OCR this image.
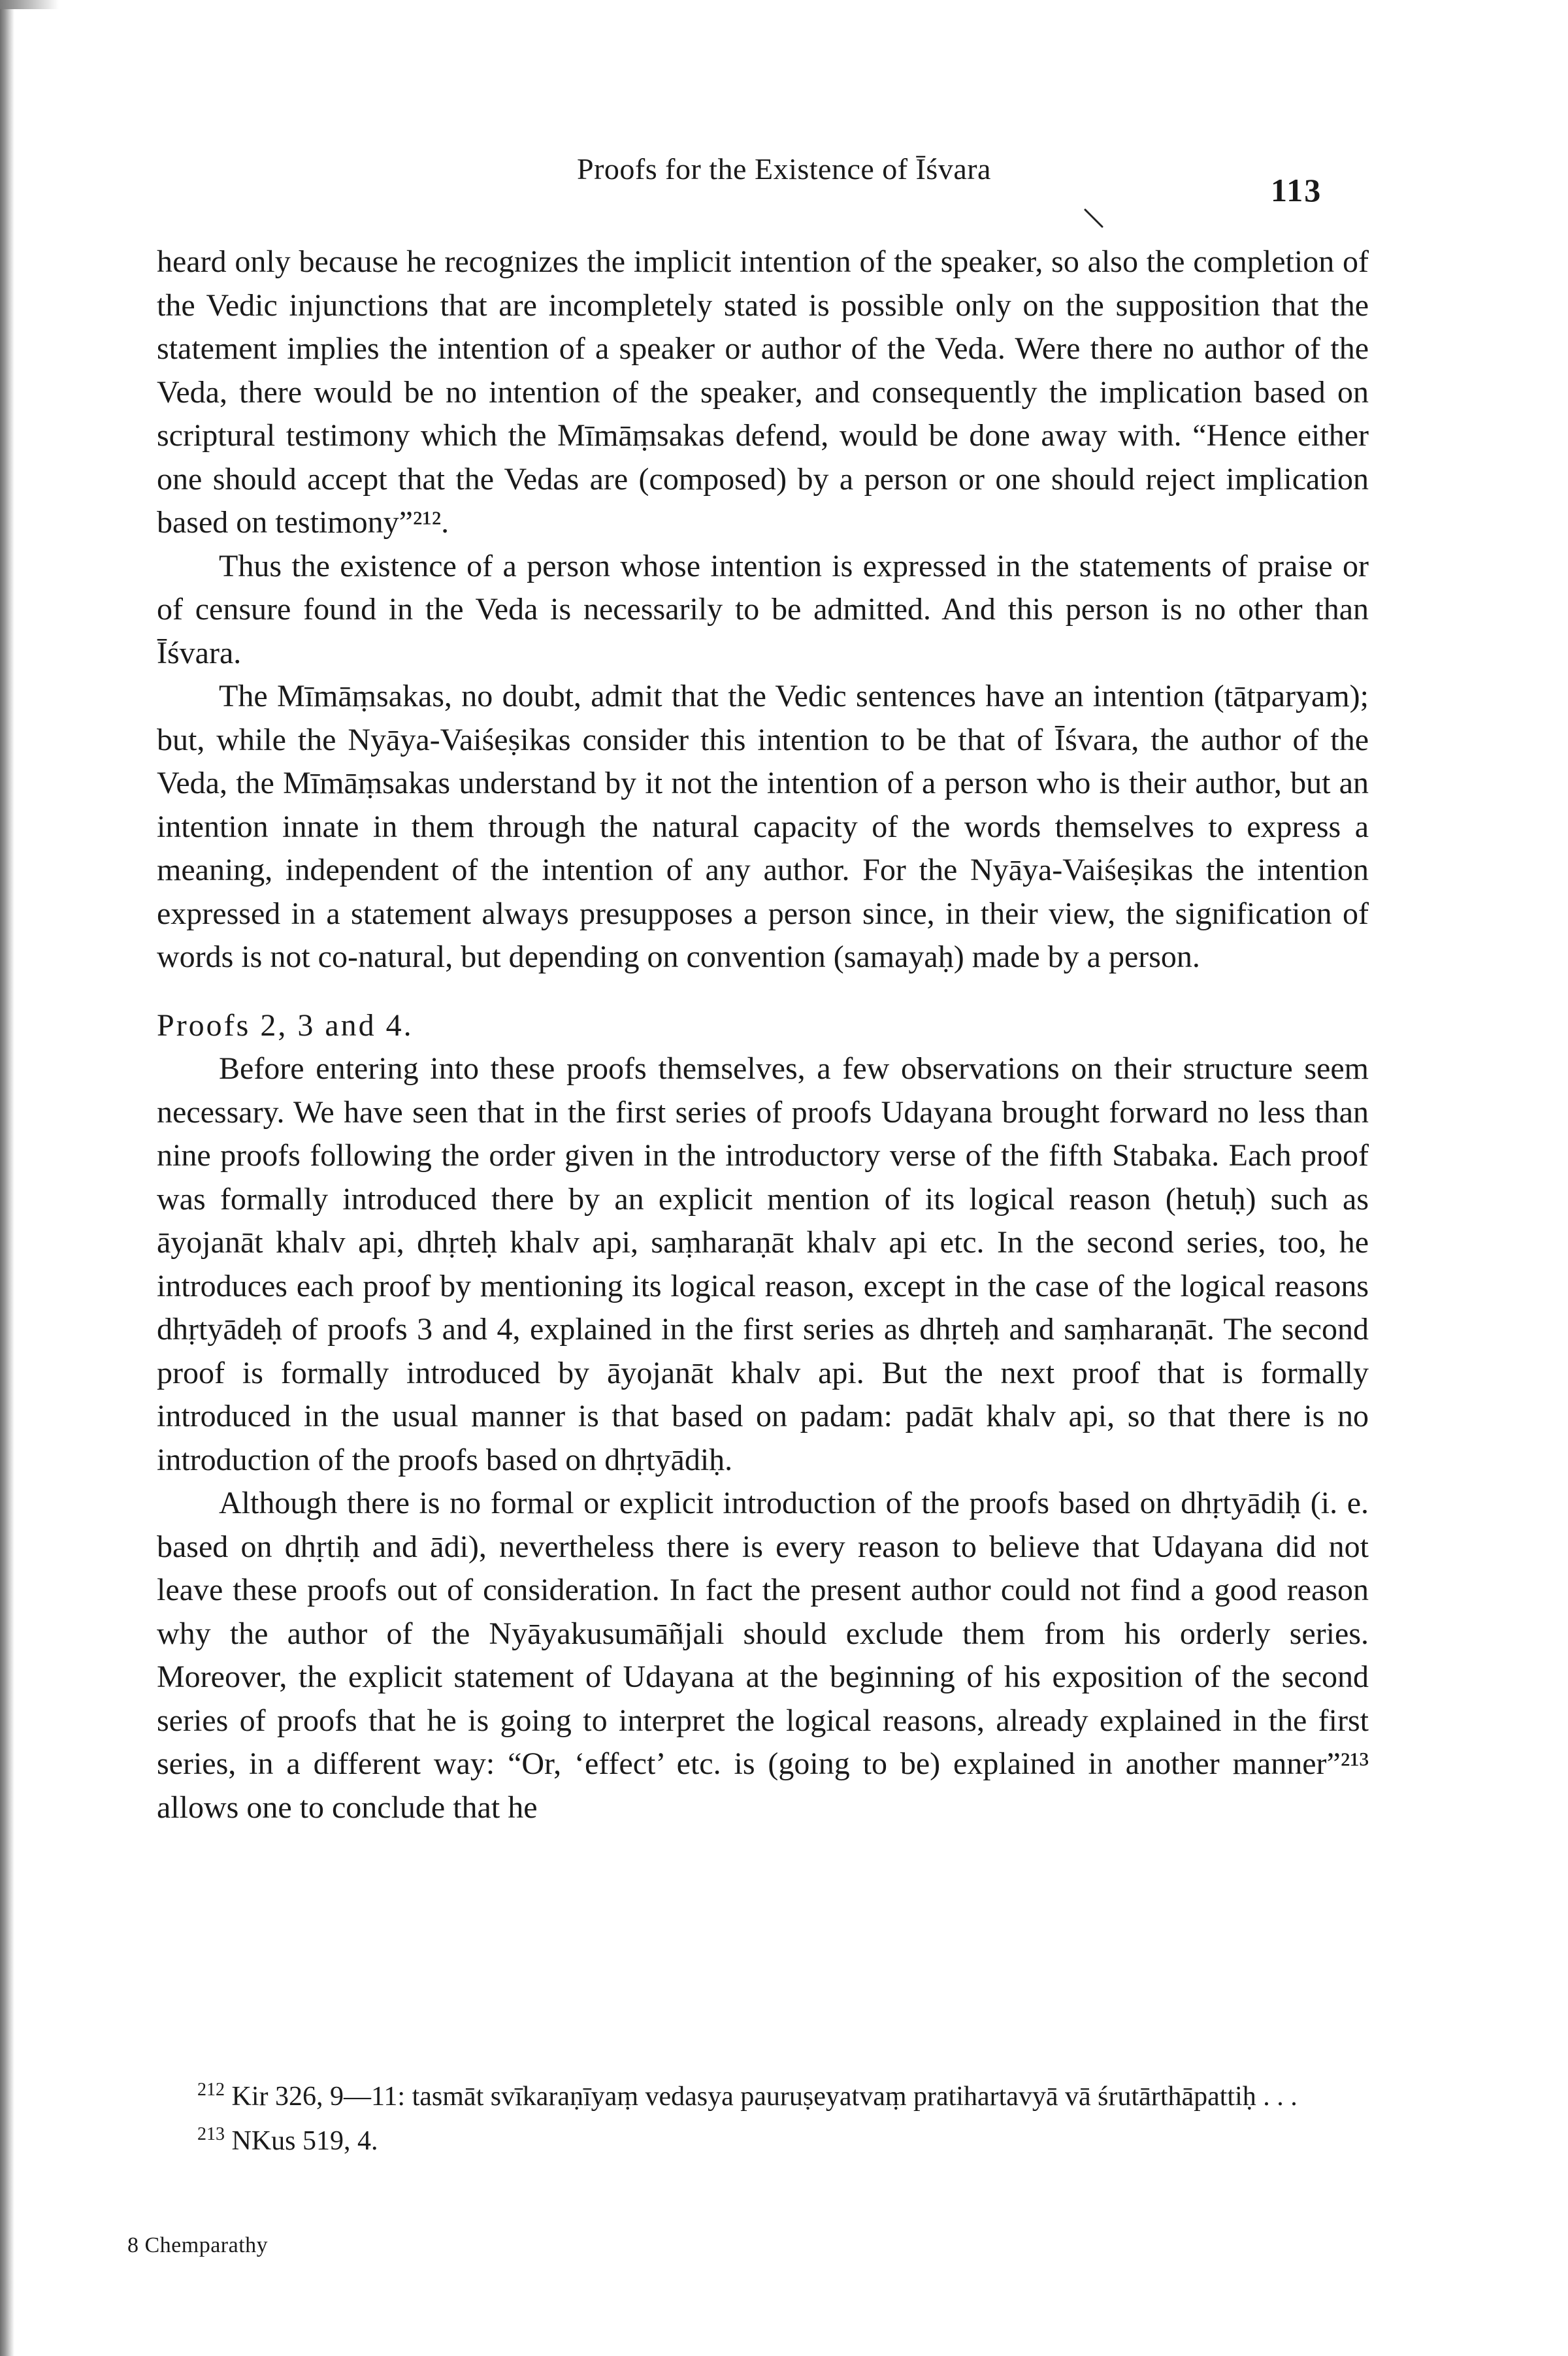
Proofs for the Existence of Īśvara
113

heard only because he recognizes the implicit intention of the speaker, so also the completion of the Vedic injunctions that are incompletely stated is possible only on the supposition that the statement implies the intention of a speaker or author of the Veda. Were there no author of the Veda, there would be no intention of the speaker, and consequently the implication based on scriptural testimony which the Mīmāṃsakas defend, would be done away with. “Hence either one should accept that the Vedas are (composed) by a person or one should reject implication based on testimony”²¹².

Thus the existence of a person whose intention is expressed in the statements of praise or of censure found in the Veda is necessarily to be admitted. And this person is no other than Īśvara.

The Mīmāṃsakas, no doubt, admit that the Vedic sentences have an intention (tātparyam); but, while the Nyāya-Vaiśeṣikas consider this intention to be that of Īśvara, the author of the Veda, the Mīmāṃsakas understand by it not the intention of a person who is their author, but an intention innate in them through the natural capacity of the words themselves to express a meaning, independent of the intention of any author. For the Nyāya-Vaiśeṣikas the intention expressed in a statement always presupposes a person since, in their view, the signification of words is not co-natural, but depending on convention (samayaḥ) made by a person.

Proofs 2, 3 and 4.

Before entering into these proofs themselves, a few observations on their structure seem necessary. We have seen that in the first series of proofs Udayana brought forward no less than nine proofs following the order given in the introductory verse of the fifth Stabaka. Each proof was formally introduced there by an explicit mention of its logical reason (hetuḥ) such as āyojanāt khalv api, dhṛteḥ khalv api, saṃharaṇāt khalv api etc. In the second series, too, he introduces each proof by mentioning its logical reason, except in the case of the logical reasons dhṛtyādeḥ of proofs 3 and 4, explained in the first series as dhṛteḥ and saṃharaṇāt. The second proof is formally introduced by āyojanāt khalv api. But the next proof that is formally introduced in the usual manner is that based on padam: padāt khalv api, so that there is no introduction of the proofs based on dhṛtyādiḥ.

Although there is no formal or explicit introduction of the proofs based on dhṛtyādiḥ (i. e. based on dhṛtiḥ and ādi), nevertheless there is every reason to believe that Udayana did not leave these proofs out of consideration. In fact the present author could not find a good reason why the author of the Nyāyakusumāñjali should exclude them from his orderly series. Moreover, the explicit statement of Udayana at the beginning of his exposition of the second series of proofs that he is going to interpret the logical reasons, already explained in the first series, in a different way: “Or, ‘effect’ etc. is (going to be) explained in another manner”²¹³ allows one to conclude that he

$^{212}$ Kir 326, 9—11: tasmāt svīkaraṇīyaṃ vedasya pauruṣeyatvaṃ pratihartavyā vā śrutārthāpattiḥ . . .

$^{213}$ NKus 519, 4.

8 Chemparathy
